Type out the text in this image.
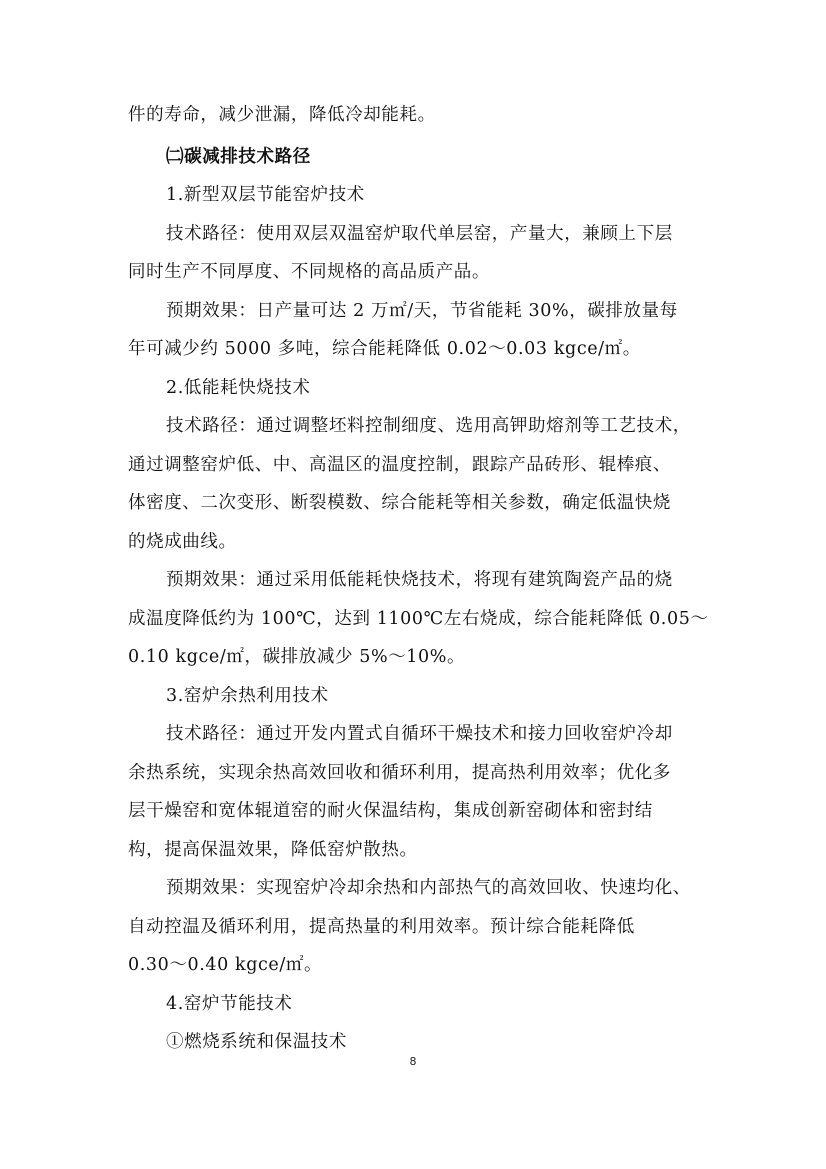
件的寿命，减少泄漏，降低冷却能耗。
㈡碳减排技术路径
1.新型双层节能窑炉技术
技术路径：使用双层双温窑炉取代单层窑，产量大，兼顾上下层
同时生产不同厚度、不同规格的高品质产品。
预期效果：日产量可达 2 万㎡/天，节省能耗 30%，碳排放量每
年可减少约 5000 多吨，综合能耗降低 0.02～0.03 kgce/㎡。
2.低能耗快烧技术
技术路径：通过调整坯料控制细度、选用高钾助熔剂等工艺技术，
通过调整窑炉低、中、高温区的温度控制，跟踪产品砖形、辊棒痕、
体密度、二次变形、断裂模数、综合能耗等相关参数，确定低温快烧
的烧成曲线。
预期效果：通过采用低能耗快烧技术，将现有建筑陶瓷产品的烧
成温度降低约为 100℃，达到 1100℃左右烧成，综合能耗降低 0.05～
0.10 kgce/㎡，碳排放减少 5%～10%。
3.窑炉余热利用技术
技术路径：通过开发内置式自循环干燥技术和接力回收窑炉冷却
余热系统，实现余热高效回收和循环利用，提高热利用效率；优化多
层干燥窑和宽体辊道窑的耐火保温结构，集成创新窑砌体和密封结
构，提高保温效果，降低窑炉散热。
预期效果：实现窑炉冷却余热和内部热气的高效回收、快速均化、
自动控温及循环利用，提高热量的利用效率。预计综合能耗降低
0.30～0.40 kgce/㎡。
4.窑炉节能技术
①燃烧系统和保温技术
8
